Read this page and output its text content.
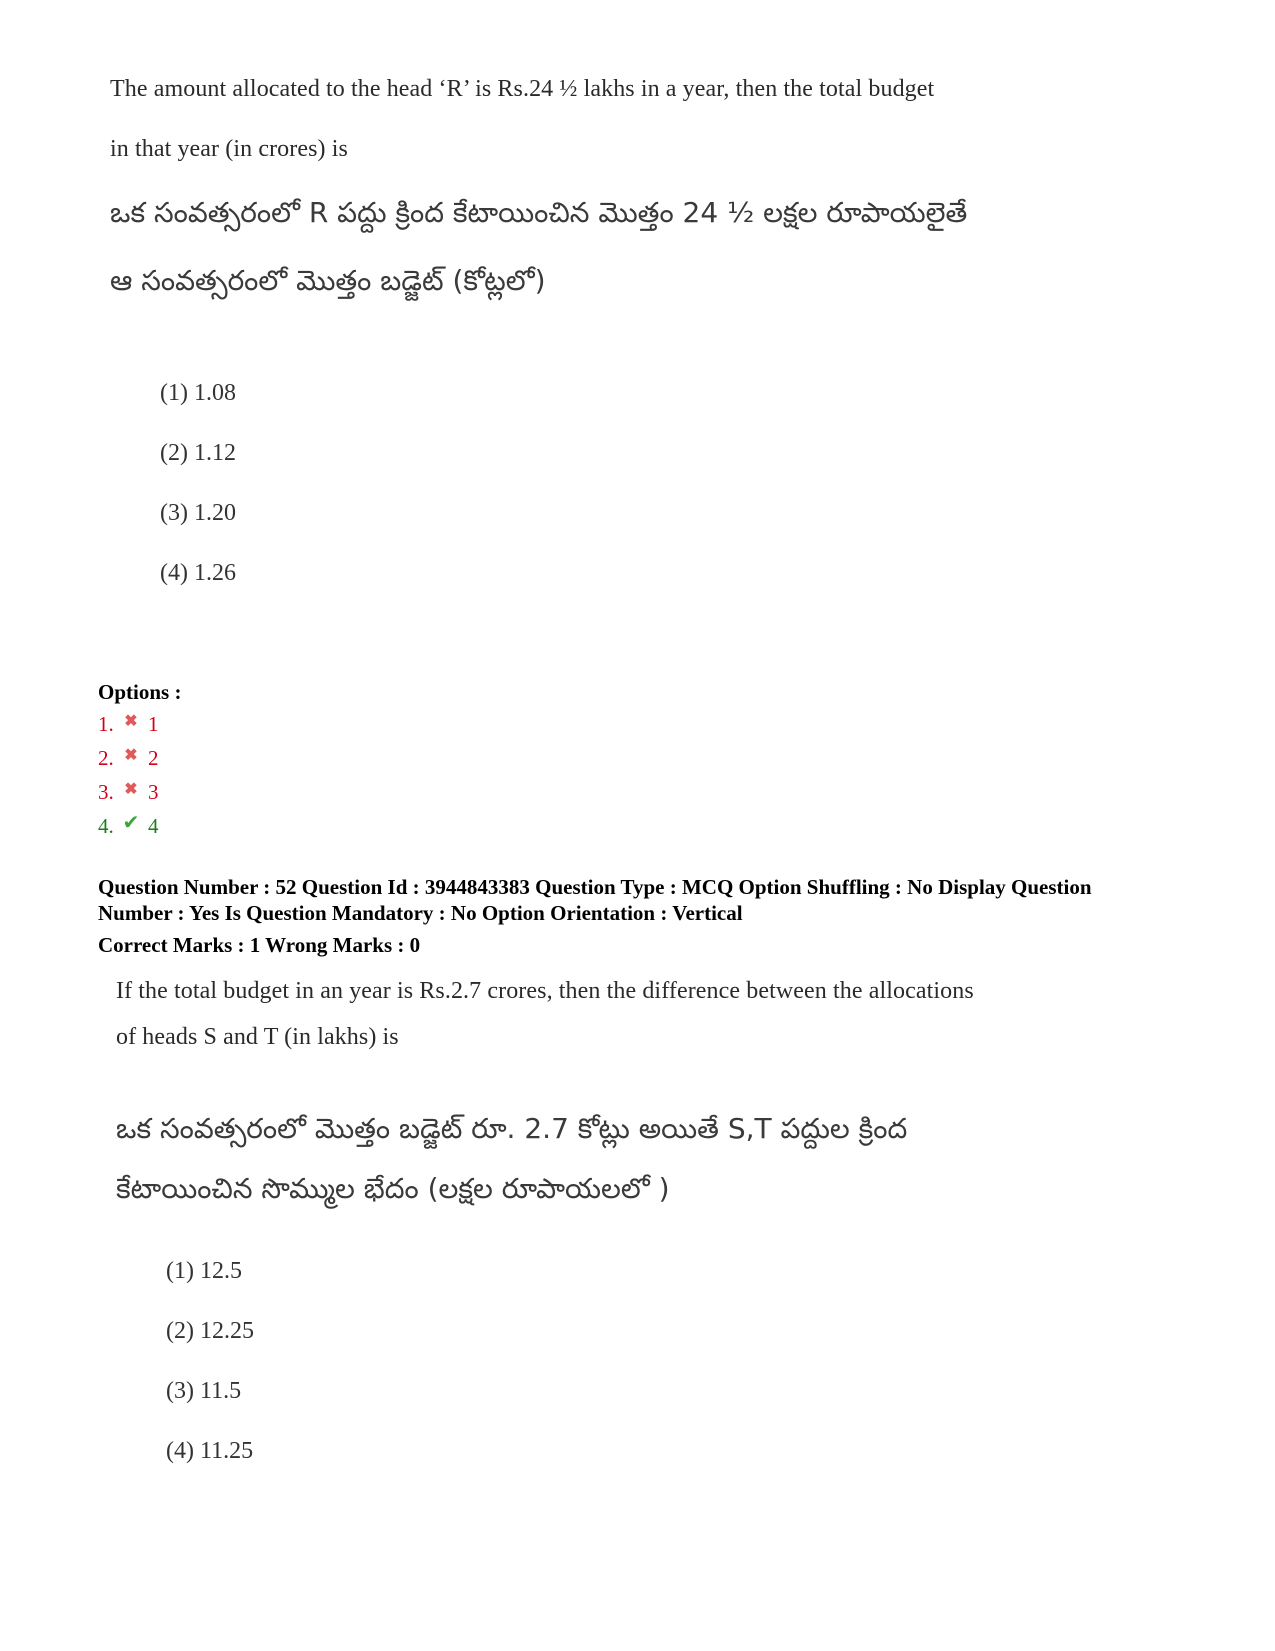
The amount allocated to the head ‘R’ is Rs.24 ½ lakhs in a year, then the total budget
in that year (in crores) is
ఒక సంవత్సరంలో R పద్దు క్రింద కేటాయించిన మొత్తం 24 ½ లక్షల రూపాయలైతే
ఆ సంవత్సరంలో మొత్తం బడ్జెట్ (కోట్లలో)
(1) 1.08
(2) 1.12
(3) 1.20
(4) 1.26
Options :
1. ✖ 1
2. ✖ 2
3. ✖ 3
4. ✔ 4
Question Number : 52 Question Id : 3944843383 Question Type : MCQ Option Shuffling : No Display Question
Number : Yes Is Question Mandatory : No Option Orientation : Vertical
Correct Marks : 1 Wrong Marks : 0
If the total budget in an year is Rs.2.7 crores, then the difference between the allocations
of heads S and T (in lakhs) is
ఒక సంవత్సరంలో మొత్తం బడ్జెట్ రూ. 2.7 కోట్లు అయితే S,T పద్దుల క్రింద
కేటాయించిన సొమ్ముల భేదం (లక్షల రూపాయలలో )
(1) 12.5
(2) 12.25
(3) 11.5
(4) 11.25
